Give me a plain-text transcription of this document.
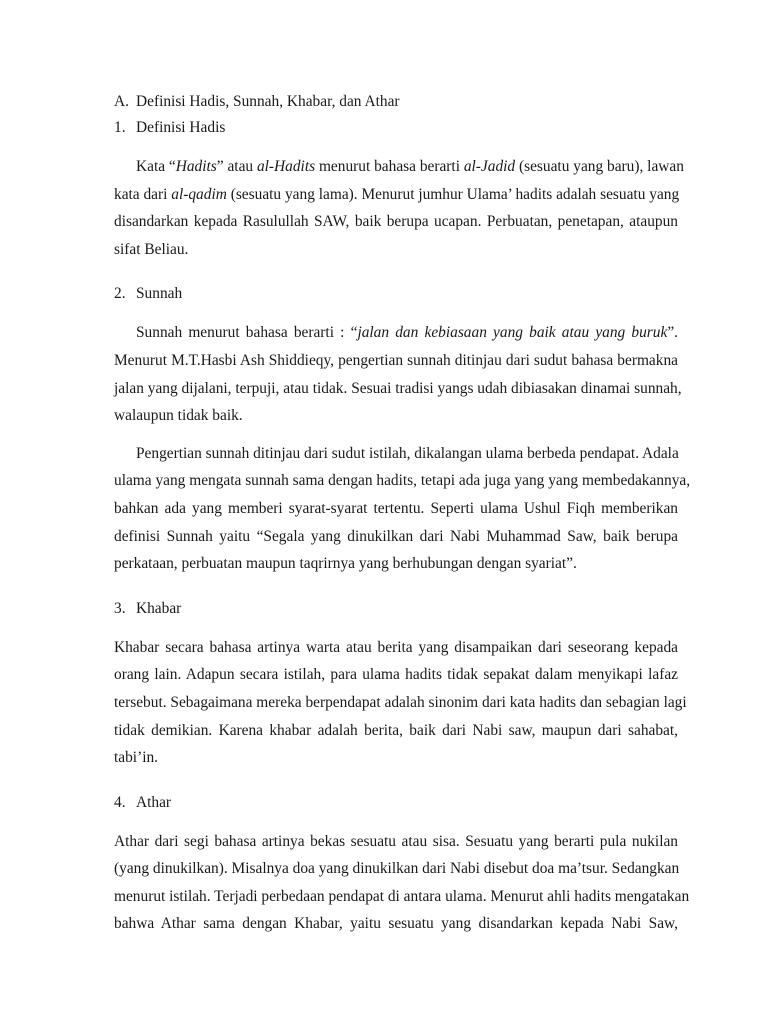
A. Definisi Hadis, Sunnah, Khabar, dan Athar
1. Definisi Hadis
Kata “Hadits” atau al-Hadits menurut bahasa berarti al-Jadid (sesuatu yang baru), lawan
kata dari al-qadim (sesuatu yang lama). Menurut jumhur Ulama’ hadits adalah sesuatu yang
disandarkan kepada Rasulullah SAW, baik berupa ucapan. Perbuatan, penetapan, ataupun
sifat Beliau.
2. Sunnah
Sunnah menurut bahasa berarti : “jalan dan kebiasaan yang baik atau yang buruk”.
Menurut M.T.Hasbi Ash Shiddieqy, pengertian sunnah ditinjau dari sudut bahasa bermakna
jalan yang dijalani, terpuji, atau tidak. Sesuai tradisi yangs udah dibiasakan dinamai sunnah,
walaupun tidak baik.
Pengertian sunnah ditinjau dari sudut istilah, dikalangan ulama berbeda pendapat. Adala
ulama yang mengata sunnah sama dengan hadits, tetapi ada juga yang yang membedakannya,
bahkan ada yang memberi syarat-syarat tertentu. Seperti ulama Ushul Fiqh memberikan
definisi Sunnah yaitu “Segala yang dinukilkan dari Nabi Muhammad Saw, baik berupa
perkataan, perbuatan maupun taqrirnya yang berhubungan dengan syariat”.
3. Khabar
Khabar secara bahasa artinya warta atau berita yang disampaikan dari seseorang kepada
orang lain. Adapun secara istilah, para ulama hadits tidak sepakat dalam menyikapi lafaz
tersebut. Sebagaimana mereka berpendapat adalah sinonim dari kata hadits dan sebagian lagi
tidak demikian. Karena khabar adalah berita, baik dari Nabi saw, maupun dari sahabat,
tabi’in.
4. Athar
Athar dari segi bahasa artinya bekas sesuatu atau sisa. Sesuatu yang berarti pula nukilan
(yang dinukilkan). Misalnya doa yang dinukilkan dari Nabi disebut doa ma’tsur. Sedangkan
menurut istilah. Terjadi perbedaan pendapat di antara ulama. Menurut ahli hadits mengatakan
bahwa Athar sama dengan Khabar, yaitu sesuatu yang disandarkan kepada Nabi Saw,
